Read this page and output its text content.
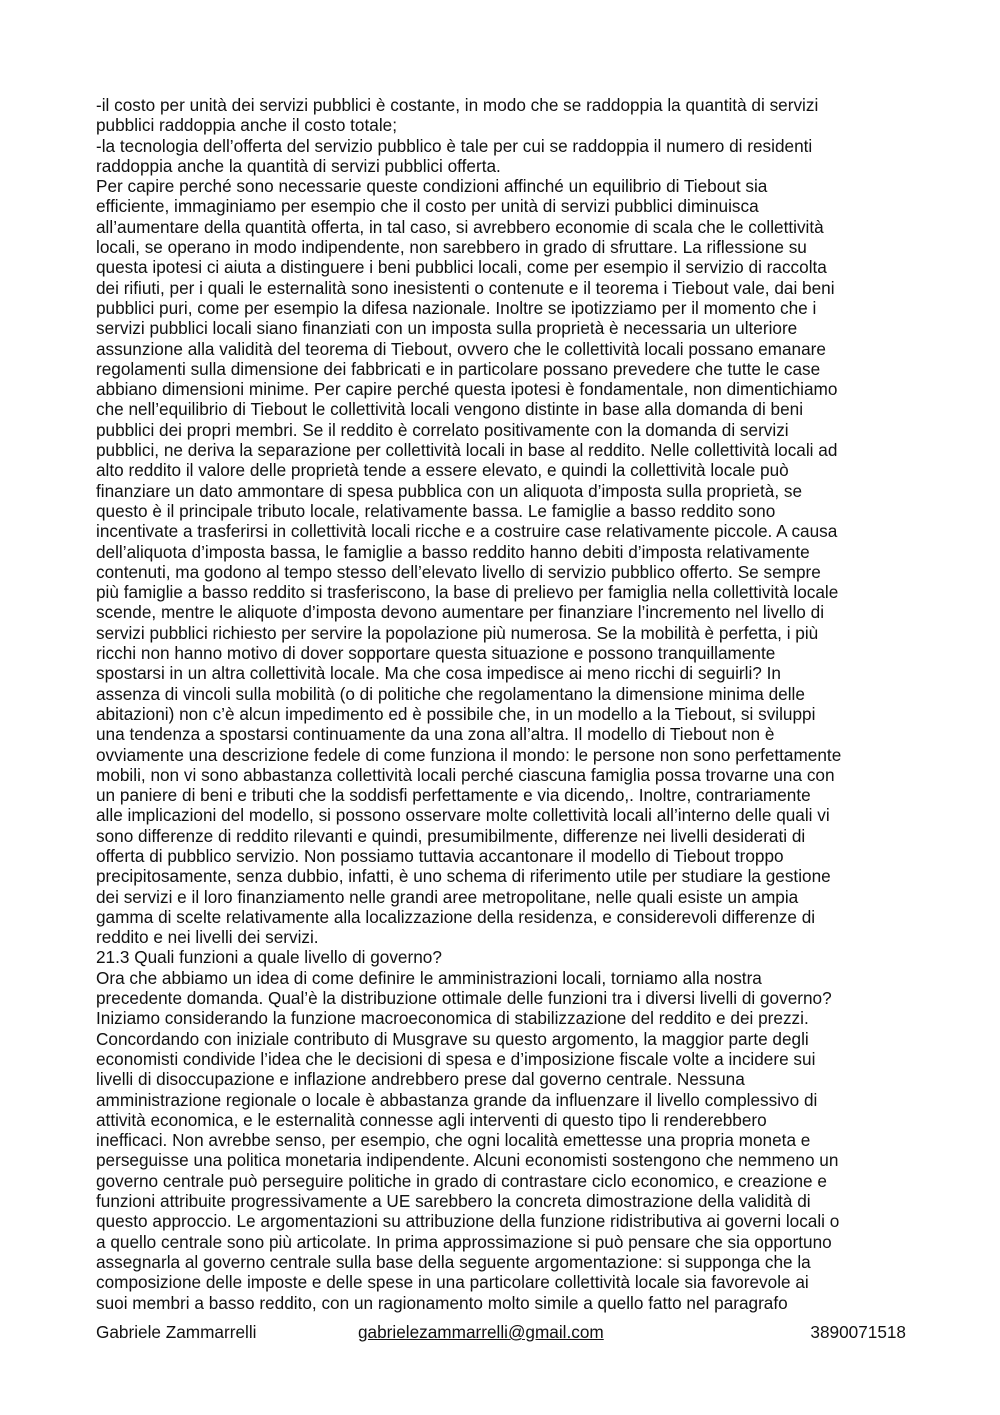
-il costo per unità dei servizi pubblici è costante, in modo che se raddoppia la quantità di servizi
pubblici raddoppia anche il costo totale;
-la tecnologia dell’offerta del servizio pubblico è tale per cui se raddoppia il numero di residenti
raddoppia anche la quantità di servizi pubblici offerta.
Per capire perché sono necessarie queste condizioni affinché un equilibrio di Tiebout sia
efficiente, immaginiamo per esempio che il costo per unità di servizi pubblici diminuisca
all’aumentare della quantità offerta, in tal caso, si avrebbero economie di scala che le collettività
locali, se operano in modo indipendente, non sarebbero in grado di sfruttare. La riflessione su
questa ipotesi ci aiuta a distinguere i beni pubblici locali, come per esempio il servizio di raccolta
dei rifiuti, per i quali le esternalità sono inesistenti o contenute e il teorema i Tiebout vale, dai beni
pubblici puri, come per esempio la difesa nazionale. Inoltre se ipotizziamo per il momento che i
servizi pubblici locali siano finanziati con un imposta sulla proprietà è necessaria un ulteriore
assunzione alla validità del teorema di Tiebout, ovvero che le collettività locali possano emanare
regolamenti sulla dimensione dei fabbricati e in particolare possano prevedere che tutte le case
abbiano dimensioni minime. Per capire perché questa ipotesi è fondamentale, non dimentichiamo
che nell’equilibrio di Tiebout le collettività locali vengono distinte in base alla domanda di beni
pubblici dei propri membri. Se il reddito è correlato positivamente con la domanda di servizi
pubblici, ne deriva la separazione per collettività locali in base al reddito. Nelle collettività locali ad
alto reddito il valore delle proprietà tende a essere elevato, e quindi la collettività locale può
finanziare un dato ammontare di spesa pubblica con un aliquota d’imposta sulla proprietà, se
questo è il principale tributo locale, relativamente bassa. Le famiglie a basso reddito sono
incentivate a trasferirsi in collettività locali ricche e a costruire case relativamente piccole. A causa
dell’aliquota d’imposta bassa, le famiglie a basso reddito hanno debiti d’imposta relativamente
contenuti, ma godono al tempo stesso dell’elevato livello di servizio pubblico offerto. Se sempre
più famiglie a basso reddito si trasferiscono, la base di prelievo per famiglia nella collettività locale
scende, mentre le aliquote d’imposta devono aumentare per finanziare l’incremento nel livello di
servizi pubblici richiesto per servire la popolazione più numerosa. Se la mobilità è perfetta, i più
ricchi non hanno motivo di dover sopportare questa situazione e possono tranquillamente
spostarsi in un altra collettività locale. Ma che cosa impedisce ai meno ricchi di seguirli? In
assenza di vincoli sulla mobilità (o di politiche che regolamentano la dimensione minima delle
abitazioni) non c’è alcun impedimento ed è possibile che, in un modello a la Tiebout, si sviluppi
una tendenza a spostarsi continuamente da una zona all’altra. Il modello di Tiebout non è
ovviamente una descrizione fedele di come funziona il mondo: le persone non sono perfettamente
mobili, non vi sono abbastanza collettività locali perché ciascuna famiglia possa trovarne una con
un paniere di beni e tributi che la soddisfi perfettamente e via dicendo,. Inoltre, contrariamente
alle implicazioni del modello, si possono osservare molte collettività locali all’interno delle quali vi
sono differenze di reddito rilevanti e quindi, presumibilmente, differenze nei livelli desiderati di
offerta di pubblico servizio. Non possiamo tuttavia accantonare il modello di Tiebout troppo
precipitosamente, senza dubbio, infatti, è uno schema di riferimento utile per studiare la gestione
dei servizi e il loro finanziamento nelle grandi aree metropolitane, nelle quali esiste un ampia
gamma di scelte relativamente alla localizzazione della residenza, e considerevoli differenze di
reddito e nei livelli dei servizi.
21.3 Quali funzioni a quale livello di governo?
Ora che abbiamo un idea di come definire le amministrazioni locali, torniamo alla nostra
precedente domanda. Qual’è la distribuzione ottimale delle funzioni tra i diversi livelli di governo?
Iniziamo considerando la funzione macroeconomica di stabilizzazione del reddito e dei prezzi.
Concordando con iniziale contributo di Musgrave su questo argomento, la maggior parte degli
economisti condivide l’idea che le decisioni di spesa e d’imposizione fiscale volte a incidere sui
livelli di disoccupazione e inflazione andrebbero prese dal governo centrale. Nessuna
amministrazione regionale o locale è abbastanza grande da influenzare il livello complessivo di
attività economica, e le esternalità connesse agli interventi di questo tipo li renderebbero
inefficaci. Non avrebbe senso, per esempio, che ogni località emettesse una propria moneta e
perseguisse una politica monetaria indipendente. Alcuni economisti sostengono che nemmeno un
governo centrale può perseguire politiche in grado di contrastare ciclo economico, e creazione e
funzioni attribuite progressivamente a UE sarebbero la concreta dimostrazione della validità di
questo approccio. Le argomentazioni su attribuzione della funzione ridistributiva ai governi locali o
a quello centrale sono più articolate. In prima approssimazione si può pensare che sia opportuno
assegnarla al governo centrale sulla base della seguente argomentazione: si supponga che la
composizione delle imposte e delle spese in una particolare collettività locale sia favorevole ai
suoi membri a basso reddito, con un ragionamento molto simile a quello fatto nel paragrafo
Gabriele Zammarrelli	gabrielezammarrelli@gmail.com	3890071518
